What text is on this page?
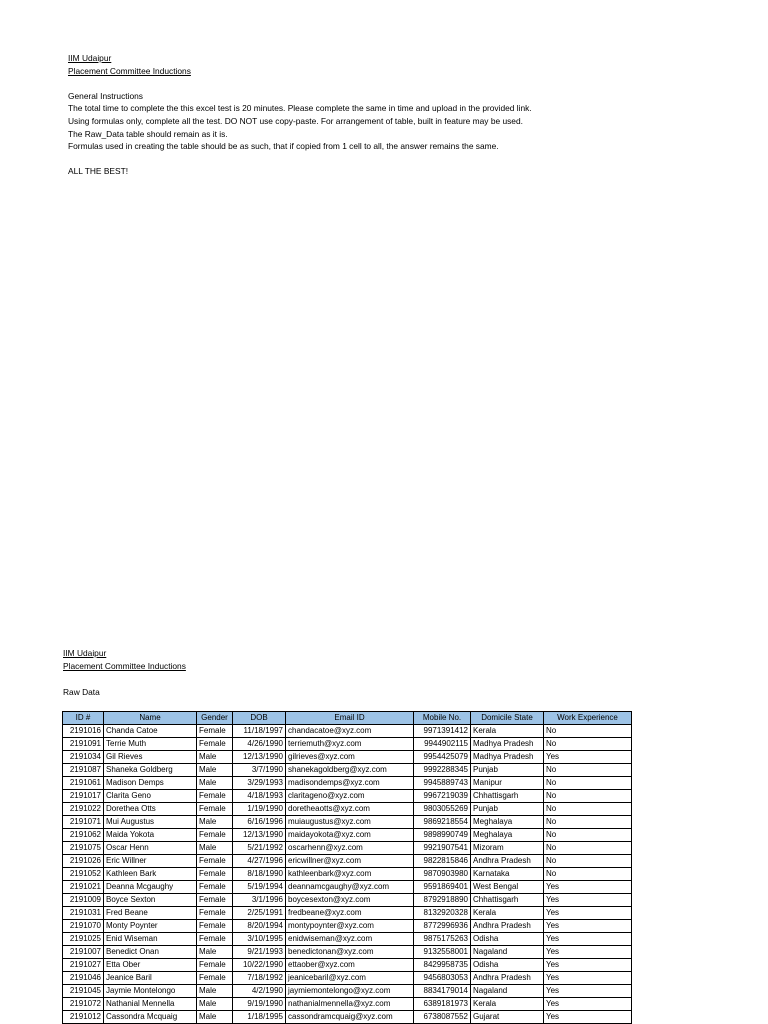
IIM Udaipur
Placement Committee Inductions
General Instructions
The total time to complete the this excel test is 20 minutes. Please complete the same in time and upload in the provided link.
Using formulas only, complete all the test. DO NOT use copy-paste. For arrangement of table, built in feature may be used.
The Raw_Data table should remain as it is.
Formulas used in creating the table should be as such, that if copied from 1 cell to all, the answer remains the same.
ALL THE BEST!
IIM Udaipur
Placement Committee Inductions
Raw Data
ID #	Name	Gender	DOB	Email ID	Mobile No.	Domicile State	Work Experience
2191016	Chanda Catoe	Female	11/18/1997	chandacatoe@xyz.com	9971391412	Kerala	No
2191091	Terrie Muth	Female	4/26/1990	terriemuth@xyz.com	9944902115	Madhya Pradesh	No
2191034	Gil Rieves	Male	12/13/1990	gilrieves@xyz.com	9954425079	Madhya Pradesh	Yes
2191087	Shaneka Goldberg	Male	3/7/1990	shanekagoldberg@xyz.com	9992288345	Punjab	No
2191061	Madison Demps	Male	3/29/1993	madisondemps@xyz.com	9945889743	Manipur	No
2191017	Clarita Geno	Female	4/18/1993	claritageno@xyz.com	9967219039	Chhattisgarh	No
2191022	Dorethea Otts	Female	1/19/1990	doretheaotts@xyz.com	9803055269	Punjab	No
2191071	Mui Augustus	Male	6/16/1996	muiaugustus@xyz.com	9869218554	Meghalaya	No
2191062	Maida Yokota	Female	12/13/1990	maidayokota@xyz.com	9898990749	Meghalaya	No
2191075	Oscar Henn	Male	5/21/1992	oscarhenn@xyz.com	9921907541	Mizoram	No
2191026	Eric Willner	Female	4/27/1996	ericwillner@xyz.com	9822815846	Andhra Pradesh	No
2191052	Kathleen Bark	Female	8/18/1990	kathleenbark@xyz.com	9870903980	Karnataka	No
2191021	Deanna Mcgaughy	Female	5/19/1994	deannamcgaughy@xyz.com	9591869401	West Bengal	Yes
2191009	Boyce Sexton	Female	3/1/1996	boycesexton@xyz.com	8792918890	Chhattisgarh	Yes
2191031	Fred Beane	Female	2/25/1991	fredbeane@xyz.com	8132920328	Kerala	Yes
2191070	Monty Poynter	Female	8/20/1994	montypoynter@xyz.com	8772996936	Andhra Pradesh	Yes
2191025	Enid Wiseman	Female	3/10/1995	enidwiseman@xyz.com	9875175263	Odisha	Yes
2191007	Benedict Onan	Male	9/21/1993	benedictonan@xyz.com	9132558001	Nagaland	Yes
2191027	Etta Ober	Female	10/22/1990	ettaober@xyz.com	8429958735	Odisha	Yes
2191046	Jeanice Baril	Female	7/18/1992	jeanicebaril@xyz.com	9456803053	Andhra Pradesh	Yes
2191045	Jaymie Montelongo	Male	4/2/1990	jaymiemontelongo@xyz.com	8834179014	Nagaland	Yes
2191072	Nathanial Mennella	Male	9/19/1990	nathanialmennella@xyz.com	6389181973	Kerala	Yes
2191012	Cassondra Mcquaig	Male	1/18/1995	cassondramcquaig@xyz.com	6738087552	Gujarat	Yes
